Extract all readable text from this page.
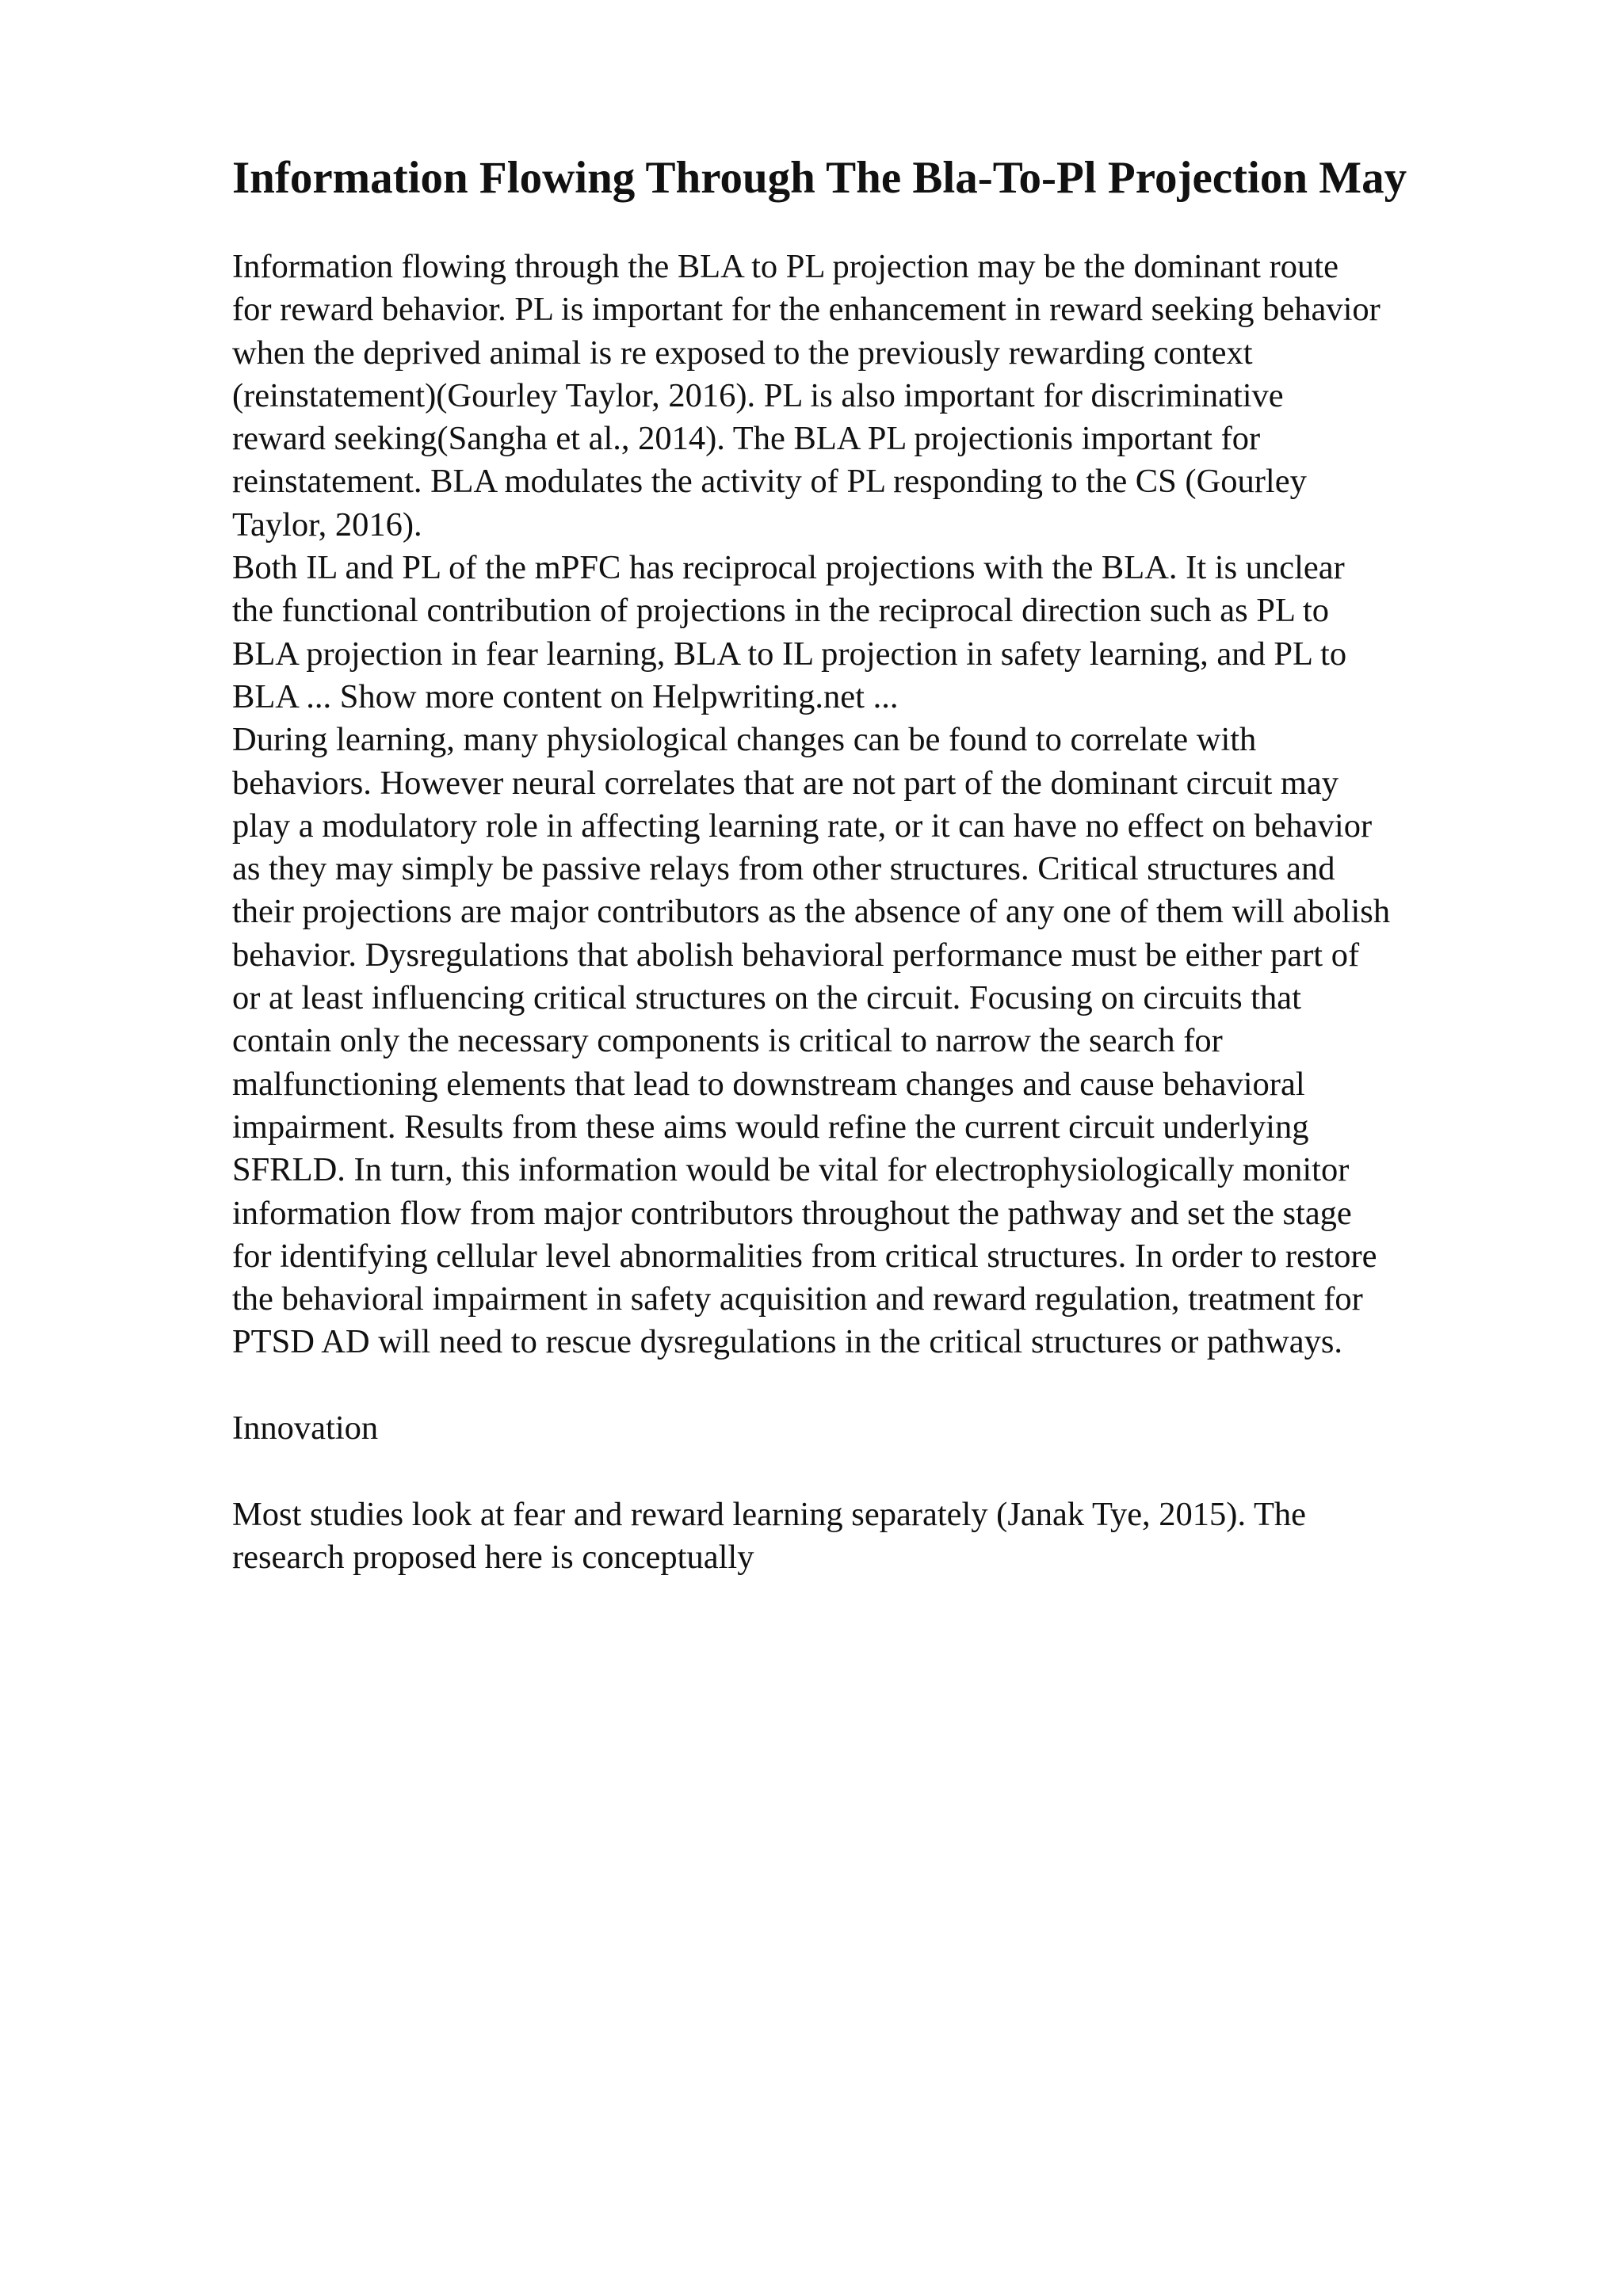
Information Flowing Through The Bla-To-Pl Projection May
Information flowing through the BLA to PL projection may be the dominant route
for reward behavior. PL is important for the enhancement in reward seeking behavior
when the deprived animal is re exposed to the previously rewarding context
(reinstatement)(Gourley Taylor, 2016). PL is also important for discriminative
reward seeking(Sangha et al., 2014). The BLA PL projectionis important for
reinstatement. BLA modulates the activity of PL responding to the CS (Gourley
Taylor, 2016).
Both IL and PL of the mPFC has reciprocal projections with the BLA. It is unclear
the functional contribution of projections in the reciprocal direction such as PL to
BLA projection in fear learning, BLA to IL projection in safety learning, and PL to
BLA ... Show more content on Helpwriting.net ...
During learning, many physiological changes can be found to correlate with
behaviors. However neural correlates that are not part of the dominant circuit may
play a modulatory role in affecting learning rate, or it can have no effect on behavior
as they may simply be passive relays from other structures. Critical structures and
their projections are major contributors as the absence of any one of them will abolish
behavior. Dysregulations that abolish behavioral performance must be either part of
or at least influencing critical structures on the circuit. Focusing on circuits that
contain only the necessary components is critical to narrow the search for
malfunctioning elements that lead to downstream changes and cause behavioral
impairment. Results from these aims would refine the current circuit underlying
SFRLD. In turn, this information would be vital for electrophysiologically monitor
information flow from major contributors throughout the pathway and set the stage
for identifying cellular level abnormalities from critical structures. In order to restore
the behavioral impairment in safety acquisition and reward regulation, treatment for
PTSD AD will need to rescue dysregulations in the critical structures or pathways.
Innovation
Most studies look at fear and reward learning separately (Janak Tye, 2015). The
research proposed here is conceptually
